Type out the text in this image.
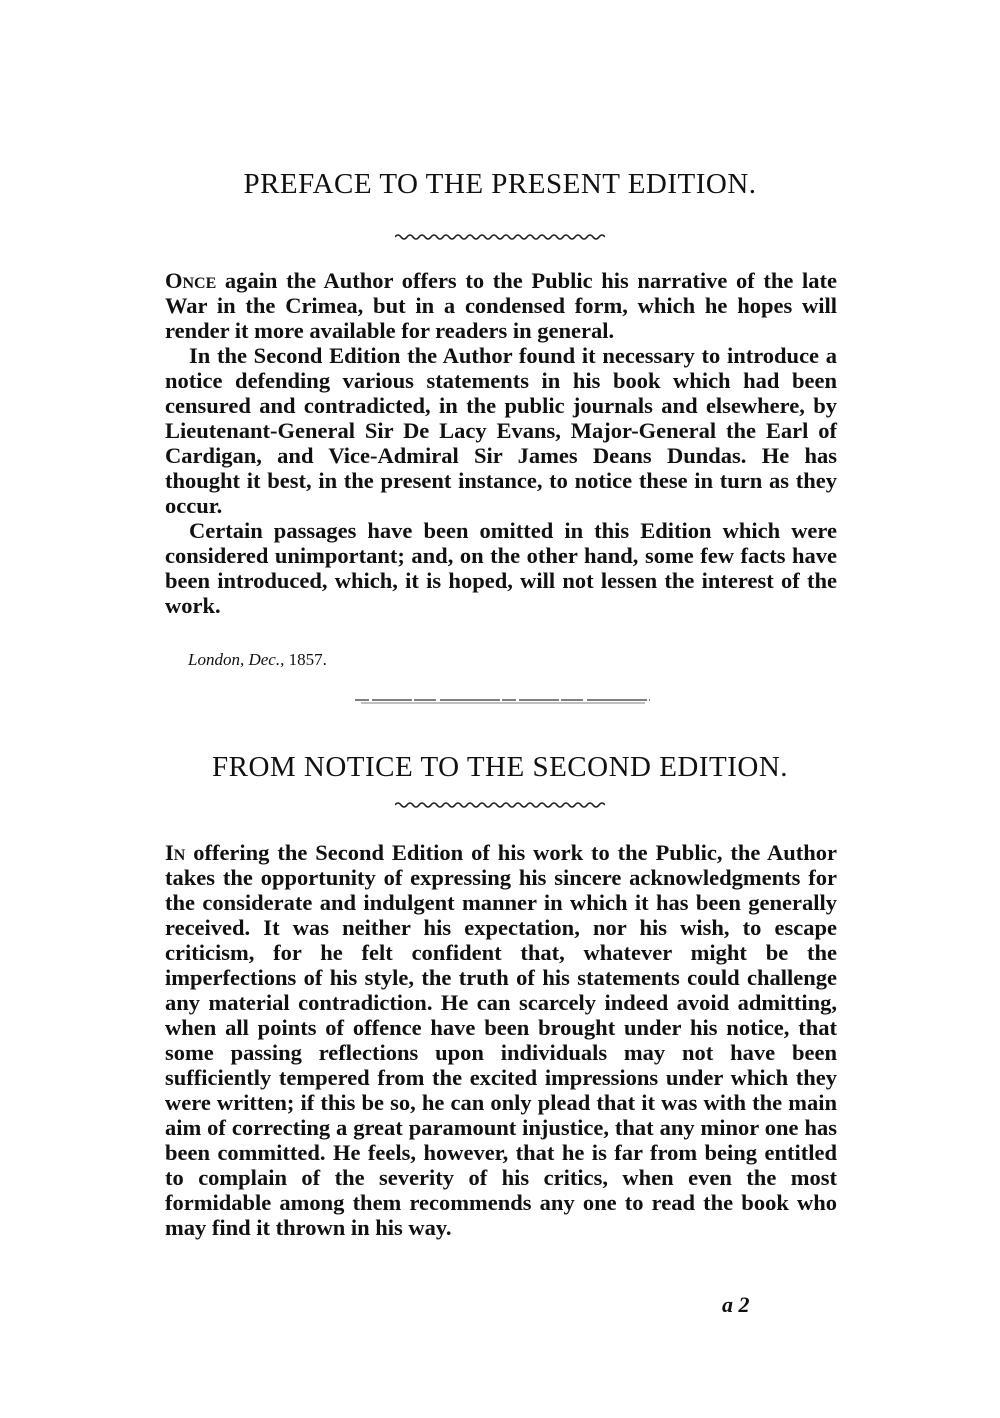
PREFACE TO THE PRESENT EDITION.

Once again the Author offers to the Public his narrative of the late War in the Crimea, but in a condensed form, which he hopes will render it more available for readers in general.

In the Second Edition the Author found it necessary to introduce a notice defending various statements in his book which had been censured and contradicted, in the public journals and elsewhere, by Lieutenant-General Sir De Lacy Evans, Major-General the Earl of Cardigan, and Vice-Admiral Sir James Deans Dundas. He has thought it best, in the present instance, to notice these in turn as they occur.

Certain passages have been omitted in this Edition which were considered unimportant; and, on the other hand, some few facts have been introduced, which, it is hoped, will not lessen the interest of the work.

London, Dec., 1857.
FROM NOTICE TO THE SECOND EDITION.

In offering the Second Edition of his work to the Public, the Author takes the opportunity of expressing his sincere acknowledgments for the considerate and indulgent manner in which it has been generally received. It was neither his expectation, nor his wish, to escape criticism, for he felt confident that, whatever might be the imperfections of his style, the truth of his statements could challenge any material contradiction. He can scarcely indeed avoid admitting, when all points of offence have been brought under his notice, that some passing reflections upon individuals may not have been sufficiently tempered from the excited impressions under which they were written; if this be so, he can only plead that it was with the main aim of correcting a great paramount injustice, that any minor one has been committed. He feels, however, that he is far from being entitled to complain of the severity of his critics, when even the most formidable among them recommends any one to read the book who may find it thrown in his way.

a 2
